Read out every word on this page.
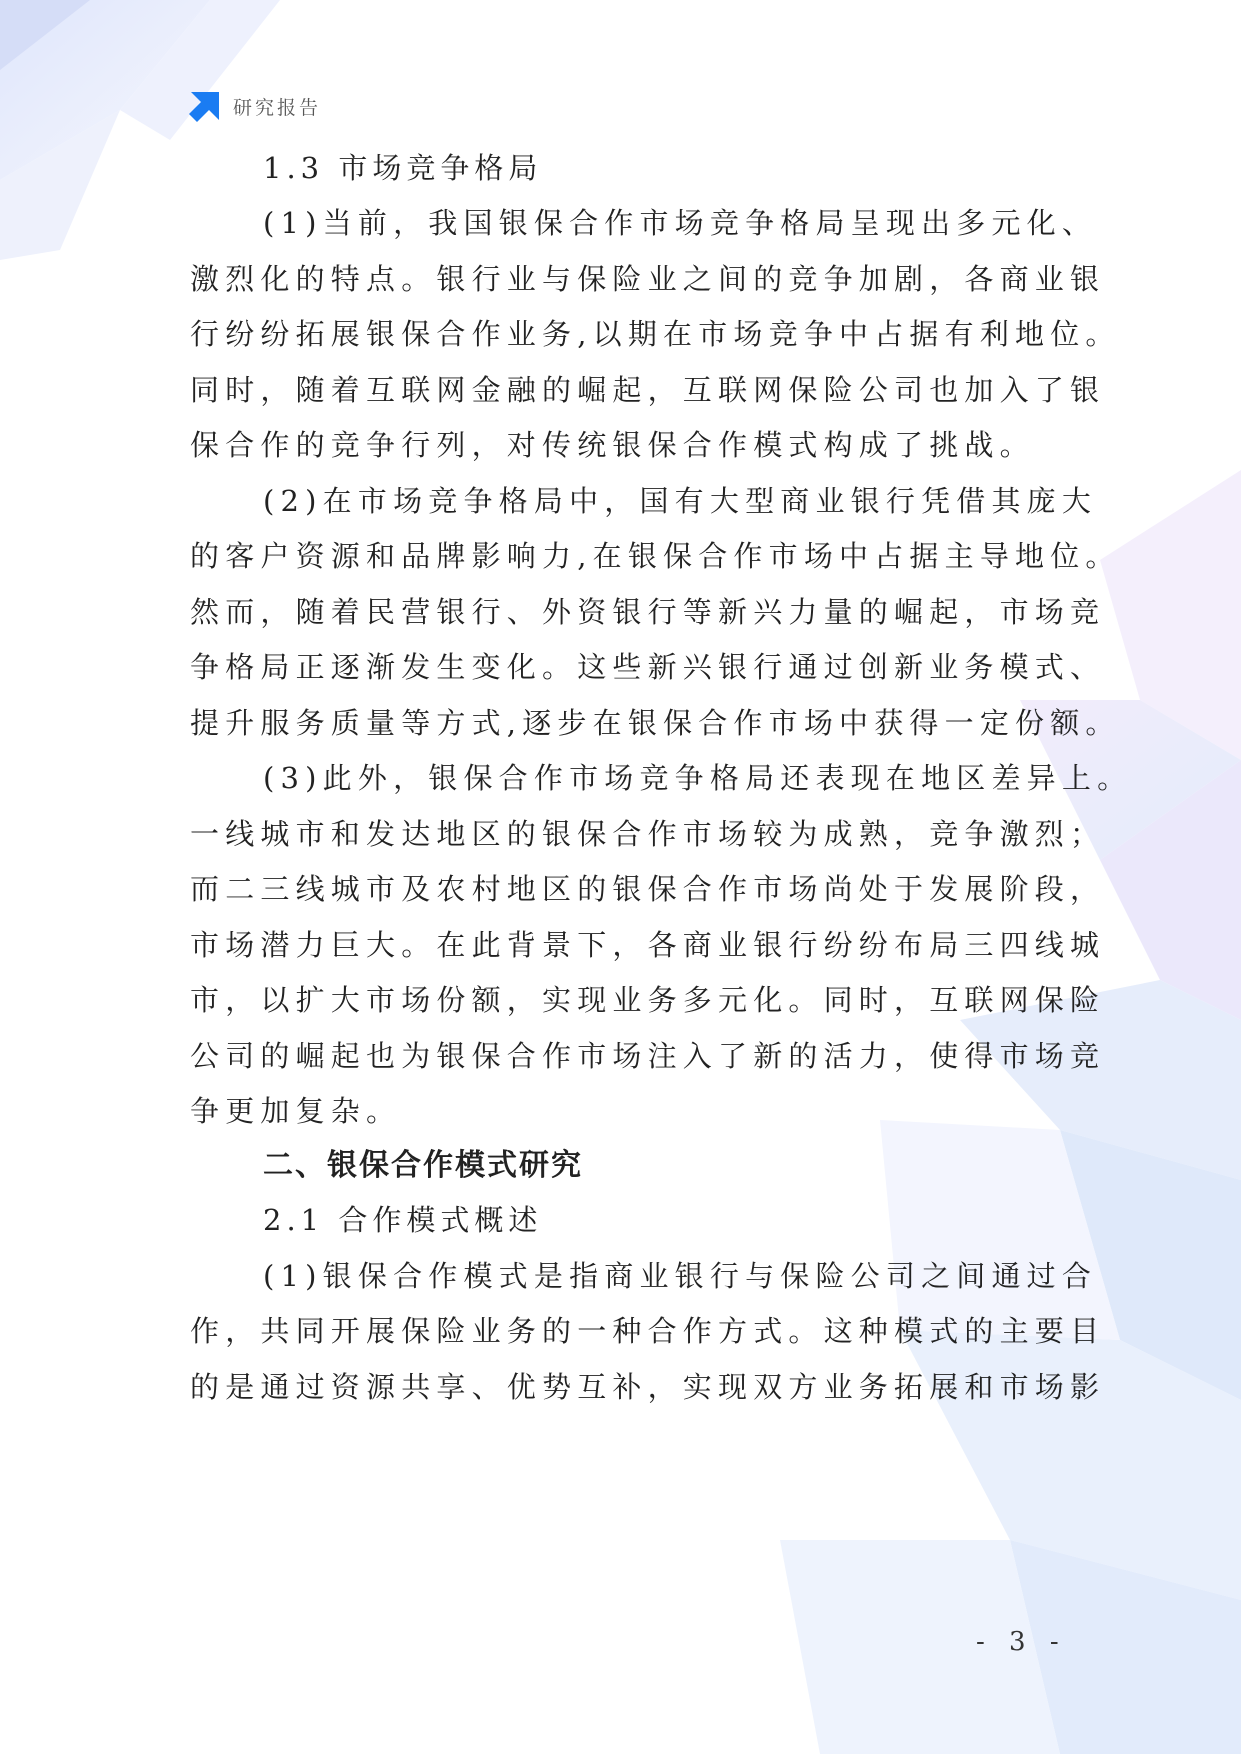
研究报告
1.3 市场竞争格局
(1)当前，我国银保合作市场竞争格局呈现出多元化、
激烈化的特点。银行业与保险业之间的竞争加剧，各商业银
行纷纷拓展银保合作业务,以期在市场竞争中占据有利地位。
同时，随着互联网金融的崛起，互联网保险公司也加入了银
保合作的竞争行列，对传统银保合作模式构成了挑战。
(2)在市场竞争格局中，国有大型商业银行凭借其庞大
的客户资源和品牌影响力,在银保合作市场中占据主导地位。
然而，随着民营银行、外资银行等新兴力量的崛起，市场竞
争格局正逐渐发生变化。这些新兴银行通过创新业务模式、
提升服务质量等方式,逐步在银保合作市场中获得一定份额。
(3)此外，银保合作市场竞争格局还表现在地区差异上。
一线城市和发达地区的银保合作市场较为成熟，竞争激烈；
而二三线城市及农村地区的银保合作市场尚处于发展阶段，
市场潜力巨大。在此背景下，各商业银行纷纷布局三四线城
市，以扩大市场份额，实现业务多元化。同时，互联网保险
公司的崛起也为银保合作市场注入了新的活力，使得市场竞
争更加复杂。
二、银保合作模式研究
2.1 合作模式概述
(1)银保合作模式是指商业银行与保险公司之间通过合
作，共同开展保险业务的一种合作方式。这种模式的主要目
的是通过资源共享、优势互补，实现双方业务拓展和市场影
- 3 -
